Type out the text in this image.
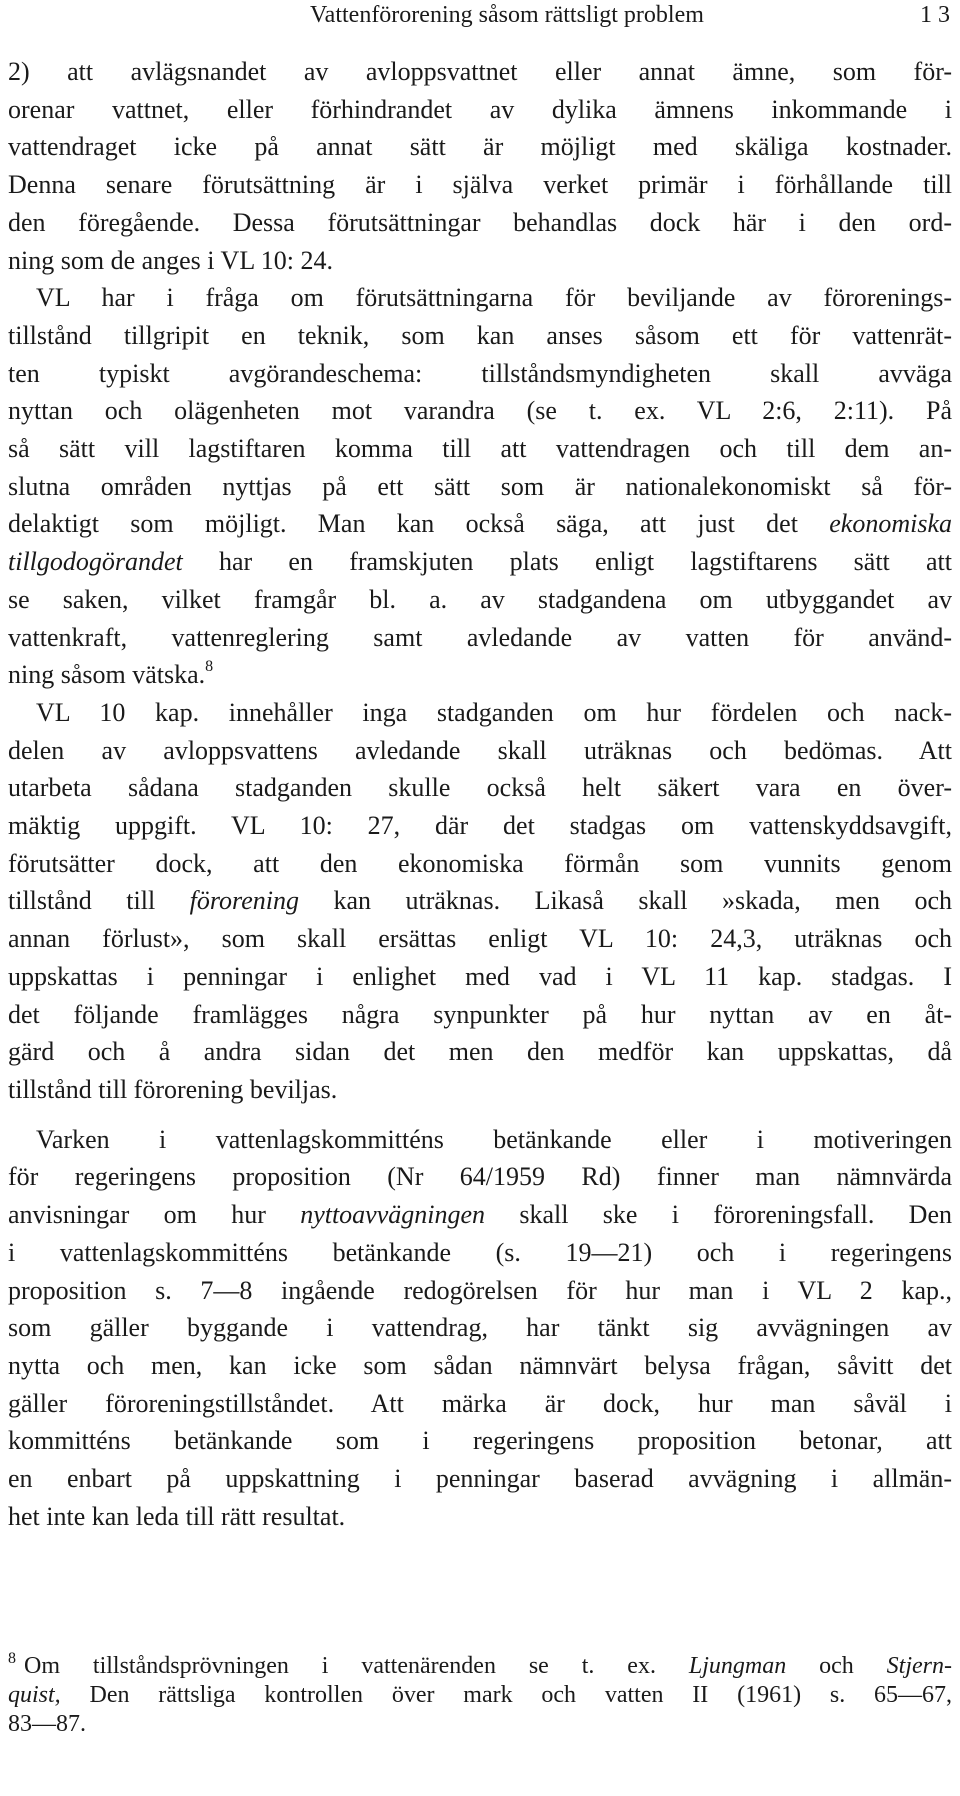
Vattenförorening såsom rättsligt problem	13
2) att avlägsnandet av avloppsvattnet eller annat ämne, som för-
orenar vattnet, eller förhindrandet av dylika ämnens inkommande i
vattendraget icke på annat sätt är möjligt med skäliga kostnader.
Denna senare förutsättning är i själva verket primär i förhållande till
den föregående. Dessa förutsättningar behandlas dock här i den ord-
ning som de anges i VL 10: 24.
VL har i fråga om förutsättningarna för beviljande av förorenings-
tillstånd tillgripit en teknik, som kan anses såsom ett för vattenrät-
ten typiskt avgörandeschema: tillståndsmyndigheten skall avväga
nyttan och olägenheten mot varandra (se t. ex. VL 2:6, 2:11). På
så sätt vill lagstiftaren komma till att vattendragen och till dem an-
slutna områden nyttjas på ett sätt som är nationalekonomiskt så för-
delaktigt som möjligt. Man kan också säga, att just det ekonomiska
tillgodogörandet har en framskjuten plats enligt lagstiftarens sätt att
se saken, vilket framgår bl. a. av stadgandena om utbyggandet av
vattenkraft, vattenreglering samt avledande av vatten för använd-
ning såsom vätska.$^8$
VL 10 kap. innehåller inga stadganden om hur fördelen och nack-
delen av avloppsvattens avledande skall uträknas och bedömas. Att
utarbeta sådana stadganden skulle också helt säkert vara en över-
mäktig uppgift. VL 10: 27, där det stadgas om vattenskyddsavgift,
förutsätter dock, att den ekonomiska förmån som vunnits genom
tillstånd till förorening kan uträknas. Likaså skall »skada, men och
annan förlust», som skall ersättas enligt VL 10: 24,3, uträknas och
uppskattas i penningar i enlighet med vad i VL 11 kap. stadgas. I
det följande framlägges några synpunkter på hur nyttan av en åt-
gärd och å andra sidan det men den medför kan uppskattas, då
tillstånd till förorening beviljas.
Varken i vattenlagskommitténs betänkande eller i motiveringen
för regeringens proposition (Nr 64/1959 Rd) finner man nämnvärda
anvisningar om hur nyttoavvägningen skall ske i föroreningsfall. Den
i vattenlagskommitténs betänkande (s. 19—21) och i regeringens
proposition s. 7—8 ingående redogörelsen för hur man i VL 2 kap.,
som gäller byggande i vattendrag, har tänkt sig avvägningen av
nytta och men, kan icke som sådan nämnvärt belysa frågan, såvitt det
gäller föroreningstillståndet. Att märka är dock, hur man såväl i
kommitténs betänkande som i regeringens proposition betonar, att
en enbart på uppskattning i penningar baserad avvägning i allmän-
het inte kan leda till rätt resultat.
$^8$ Om tillståndsprövningen i vattenärenden se t. ex. Ljungman och Stjern-
quist, Den rättsliga kontrollen över mark och vatten II (1961) s. 65—67,
83—87.
